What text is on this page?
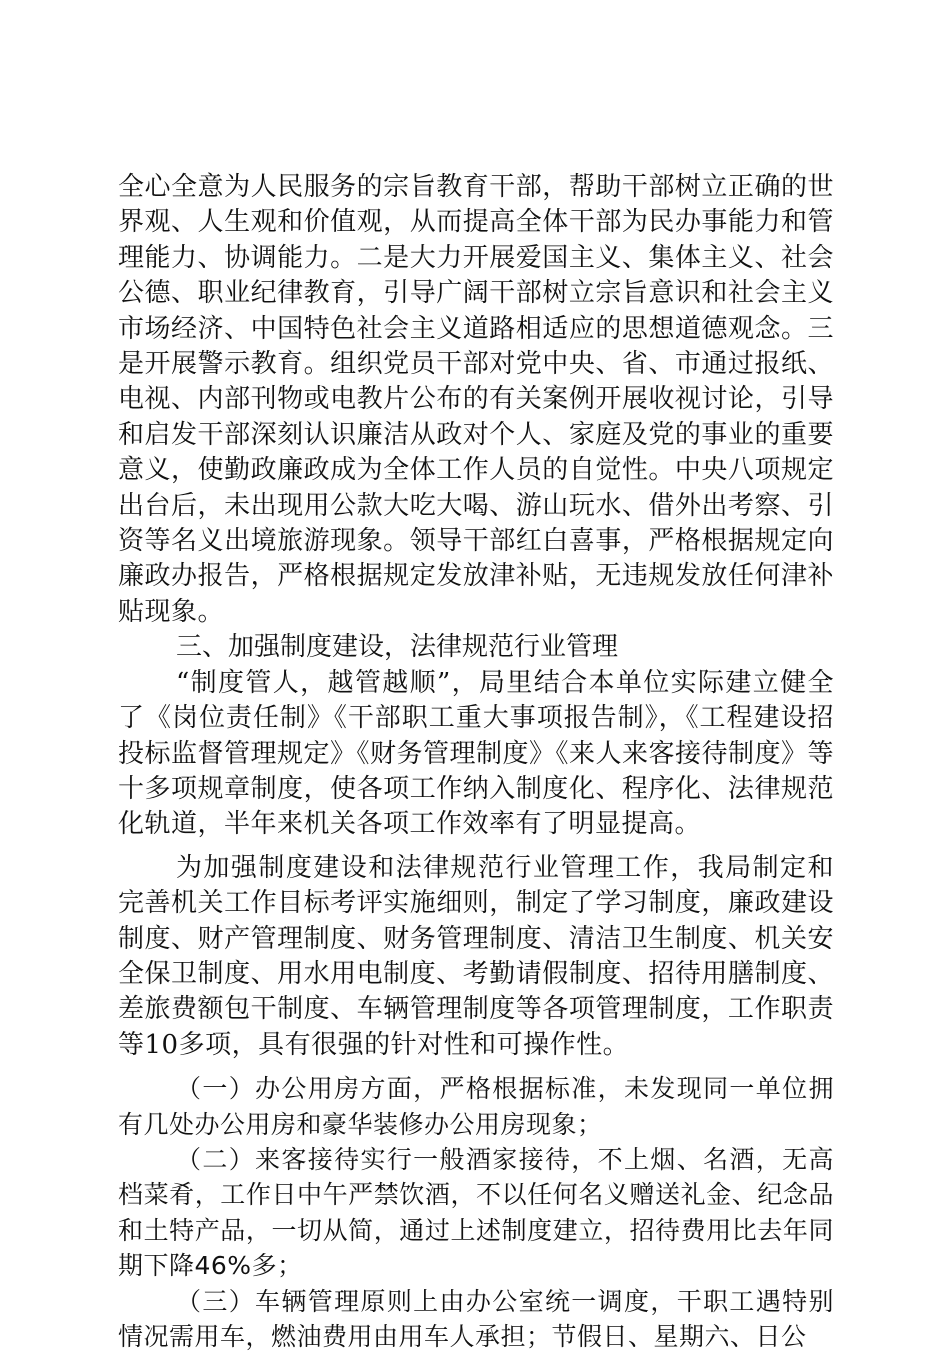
全心全意为人民服务的宗旨教育干部，帮助干部树立正确的世界观、人生观和价值观，从而提高全体干部为民办事能力和管理能力、协调能力。二是大力开展爱国主义、集体主义、社会公德、职业纪律教育，引导广阔干部树立宗旨意识和社会主义市场经济、中国特色社会主义道路相适应的思想道德观念。三是开展警示教育。组织党员干部对党中央、省、市通过报纸、电视、内部刊物或电教片公布的有关案例开展收视讨论，引导和启发干部深刻认识廉洁从政对个人、家庭及党的事业的重要意义，使勤政廉政成为全体工作人员的自觉性。中央八项规定出台后，未出现用公款大吃大喝、游山玩水、借外出考察、引资等名义出境旅游现象。领导干部红白喜事，严格根据规定向廉政办报告，严格根据规定发放津补贴，无违规发放任何津补贴现象。

三、加强制度建设，法律规范行业管理

“制度管人，越管越顺”，局里结合本单位实际建立健全了《岗位责任制》《干部职工重大事项报告制》，《工程建设招投标监督管理规定》《财务管理制度》《来人来客接待制度》等十多项规章制度，使各项工作纳入制度化、程序化、法律规范化轨道，半年来机关各项工作效率有了明显提高。

为加强制度建设和法律规范行业管理工作，我局制定和完善机关工作目标考评实施细则，制定了学习制度，廉政建设制度、财产管理制度、财务管理制度、清洁卫生制度、机关安全保卫制度、用水用电制度、考勤请假制度、招待用膳制度、差旅费额包干制度、车辆管理制度等各项管理制度，工作职责等10多项，具有很强的针对性和可操作性。

（一）办公用房方面，严格根据标准，未发现同一单位拥有几处办公用房和豪华装修办公用房现象；

（二）来客接待实行一般酒家接待，不上烟、名酒，无高档菜肴，工作日中午严禁饮酒，不以任何名义赠送礼金、纪念品和土特产品，一切从简，通过上述制度建立，招待费用比去年同期下降46%多；

（三）车辆管理原则上由办公室统一调度，干职工遇特别情况需用车，燃油费用由用车人承担；节假日、星期六、日公
